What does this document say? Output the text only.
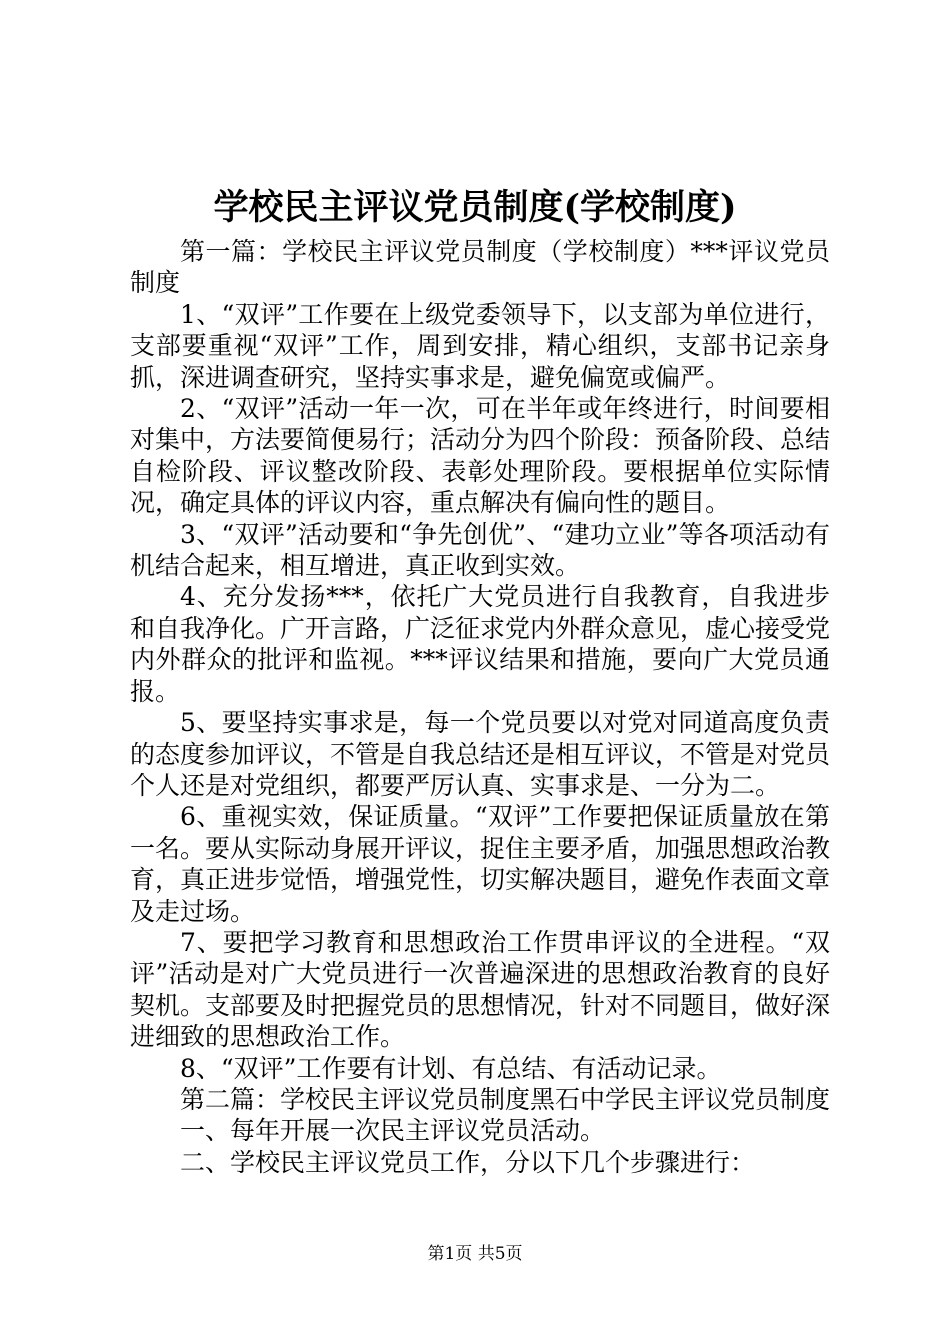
学校民主评议党员制度(学校制度)

第一篇：学校民主评议党员制度（学校制度）***评议党员制度

1、“双评”工作要在上级党委领导下，以支部为单位进行，支部要重视“双评”工作，周到安排，精心组织，支部书记亲身抓，深进调查研究，坚持实事求是，避免偏宽或偏严。

2、“双评”活动一年一次，可在半年或年终进行，时间要相对集中，方法要简便易行；活动分为四个阶段：预备阶段、总结自检阶段、评议整改阶段、表彰处理阶段。要根据单位实际情况，确定具体的评议内容，重点解决有偏向性的题目。

3、“双评”活动要和“争先创优”、“建功立业”等各项活动有机结合起来，相互增进，真正收到实效。

4、充分发扬***，依托广大党员进行自我教育，自我进步和自我净化。广开言路，广泛征求党内外群众意见，虚心接受党内外群众的批评和监视。***评议结果和措施，要向广大党员通报。

5、要坚持实事求是，每一个党员要以对党对同道高度负责的态度参加评议，不管是自我总结还是相互评议，不管是对党员个人还是对党组织，都要严厉认真、实事求是、一分为二。

6、重视实效，保证质量。“双评”工作要把保证质量放在第一名。要从实际动身展开评议，捉住主要矛盾，加强思想政治教育，真正进步觉悟，增强党性，切实解决题目，避免作表面文章及走过场。

7、要把学习教育和思想政治工作贯串评议的全进程。“双评”活动是对广大党员进行一次普遍深进的思想政治教育的良好契机。支部要及时把握党员的思想情况，针对不同题目，做好深进细致的思想政治工作。

8、“双评”工作要有计划、有总结、有活动记录。

第二篇：学校民主评议党员制度黑石中学民主评议党员制度

一、每年开展一次民主评议党员活动。

二、学校民主评议党员工作，分以下几个步骤进行：

第1页 共5页
